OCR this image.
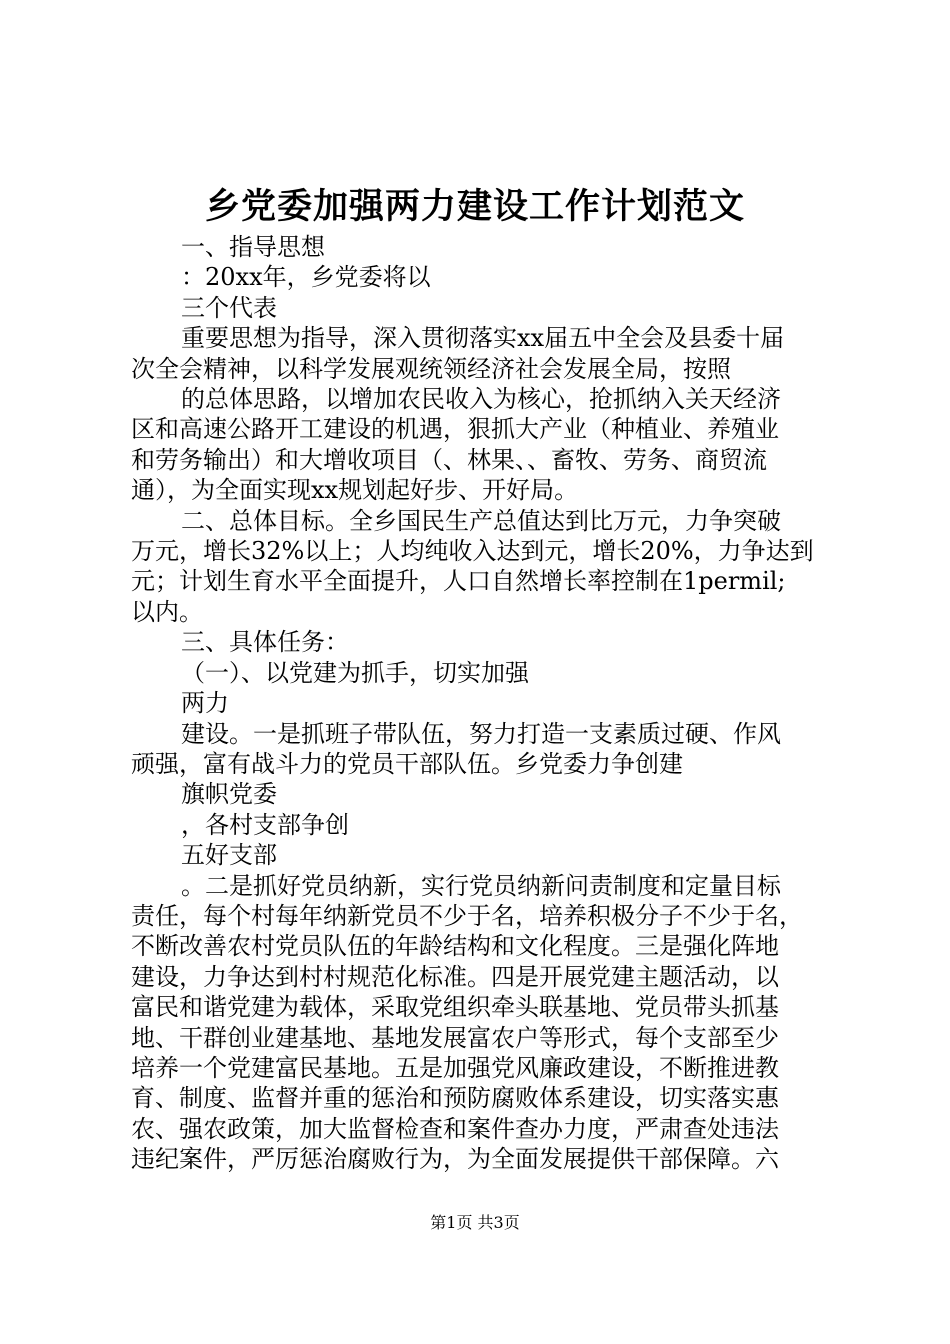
乡党委加强两力建设工作计划范文

一、指导思想

：20xx年，乡党委将以

三个代表

重要思想为指导，深入贯彻落实xx届五中全会及县委十届

次全会精神，以科学发展观统领经济社会发展全局，按照

的总体思路，以增加农民收入为核心，抢抓纳入关天经济

区和高速公路开工建设的机遇，狠抓大产业（种植业、养殖业

和劳务输出）和大增收项目（、林果、、畜牧、劳务、商贸流

通），为全面实现xx规划起好步、开好局。

二、总体目标。全乡国民生产总值达到比万元，力争突破

万元，增长32%以上；人均纯收入达到元，增长20%，力争达到

元；计划生育水平全面提升，人口自然增长率控制在1permil;

以内。

三、具体任务：

（一）、以党建为抓手，切实加强

两力

建设。一是抓班子带队伍，努力打造一支素质过硬、作风

顽强，富有战斗力的党员干部队伍。乡党委力争创建

旗帜党委

，各村支部争创

五好支部

。二是抓好党员纳新，实行党员纳新问责制度和定量目标

责任，每个村每年纳新党员不少于名，培养积极分子不少于名，

不断改善农村党员队伍的年龄结构和文化程度。三是强化阵地

建设，力争达到村村规范化标准。四是开展党建主题活动，以

富民和谐党建为载体，采取党组织牵头联基地、党员带头抓基

地、干群创业建基地、基地发展富农户等形式，每个支部至少

培养一个党建富民基地。五是加强党风廉政建设，不断推进教

育、制度、监督并重的惩治和预防腐败体系建设，切实落实惠

农、强农政策，加大监督检查和案件查办力度，严肃查处违法

违纪案件，严厉惩治腐败行为，为全面发展提供干部保障。六

第1页 共3页
